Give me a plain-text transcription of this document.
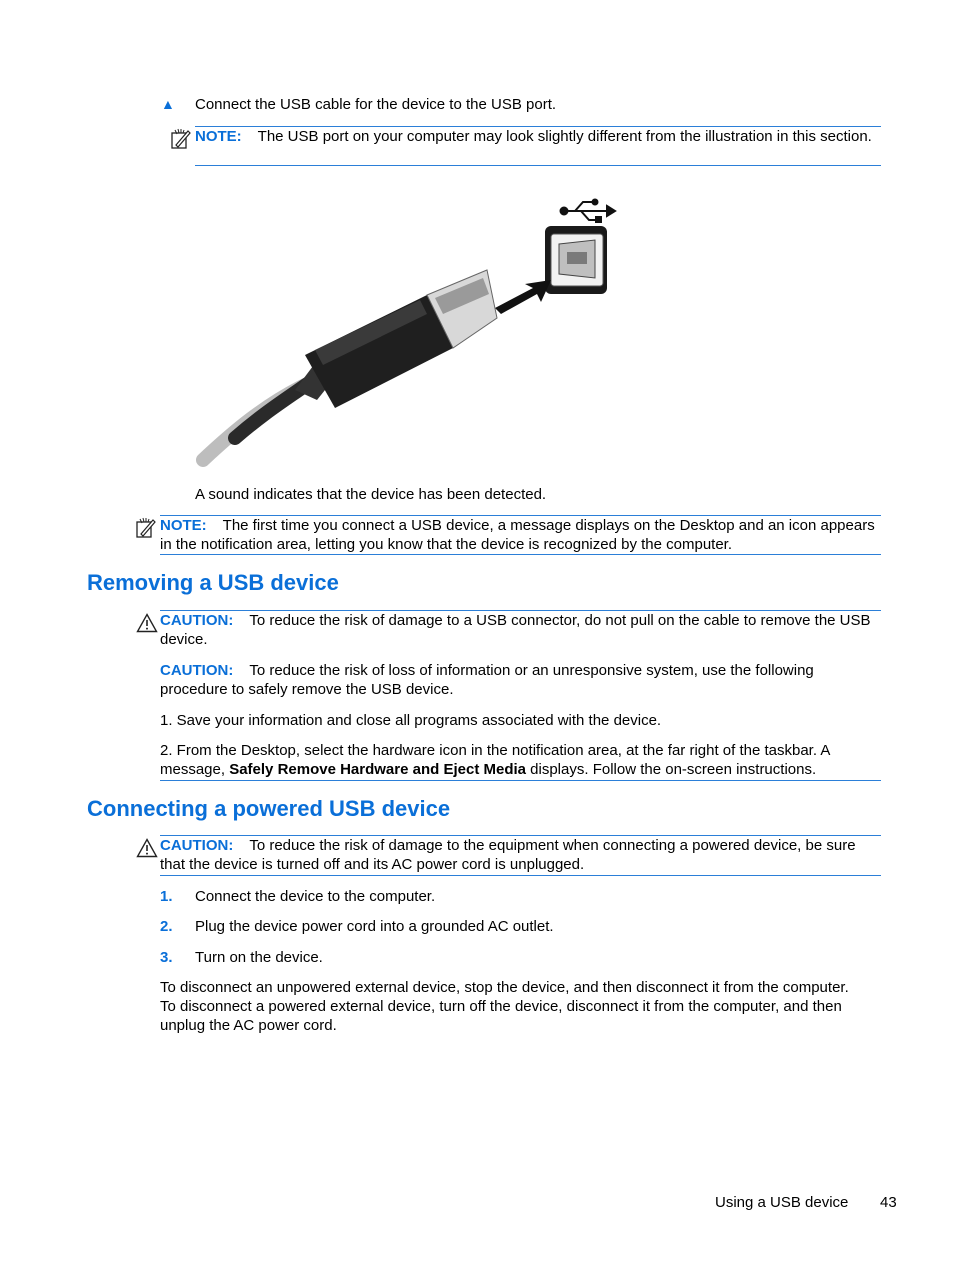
▲ Connect the USB cable for the device to the USB port.

NOTE: The USB port on your computer may look slightly different from the illustration in this section.

A sound indicates that the device has been detected.

NOTE: The first time you connect a USB device, a message displays on the Desktop and an icon appears in the notification area, letting you know that the device is recognized by the computer.

Removing a USB device

CAUTION: To reduce the risk of damage to a USB connector, do not pull on the cable to remove the USB device.

CAUTION: To reduce the risk of loss of information or an unresponsive system, use the following procedure to safely remove the USB device.

1. Save your information and close all programs associated with the device.

2. From the Desktop, select the hardware icon in the notification area, at the far right of the taskbar. A message, Safely Remove Hardware and Eject Media displays. Follow the on-screen instructions.

Connecting a powered USB device

CAUTION: To reduce the risk of damage to the equipment when connecting a powered device, be sure that the device is turned off and its AC power cord is unplugged.

1. Connect the device to the computer.

2. Plug the device power cord into a grounded AC outlet.

3. Turn on the device.

To disconnect an unpowered external device, stop the device, and then disconnect it from the computer. To disconnect a powered external device, turn off the device, disconnect it from the computer, and then unplug the AC power cord.

Using a USB device 43
